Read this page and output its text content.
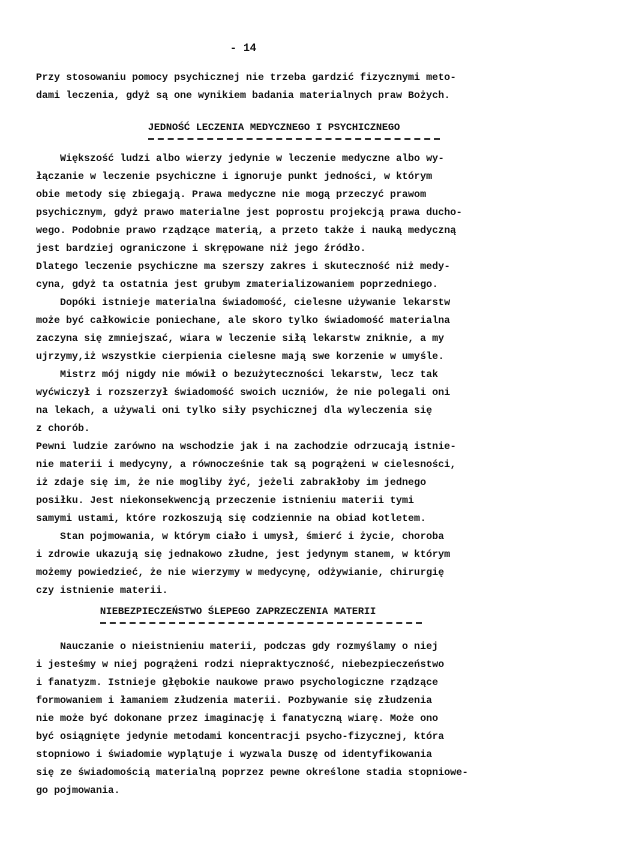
- 14
Przy stosowaniu pomocy psychicznej nie trzeba gardzić fizycznymi meto-
dami leczenia, gdyż są one wynikiem badania materialnych praw Bożych.
JEDNOŚĆ LECZENIA MEDYCZNEGO I PSYCHICZNEGO
Większość ludzi albo wierzy jedynie w leczenie medyczne albo wy-
łączanie w leczenie psychiczne i ignoruje punkt jedności, w którym
obie metody się zbiegają. Prawa medyczne nie mogą przeczyć prawom
psychicznym, gdyż prawo materialne jest poprostu projekcją prawa ducho-
wego. Podobnie prawo rządzące materią, a przeto także i nauką medyczną
jest bardziej ograniczone i skrępowane niż jego źródło.
Dlatego leczenie psychiczne ma szerszy zakres i skuteczność niż medy-
cyna, gdyż ta ostatnia jest grubym zmaterializowaniem poprzedniego.
Dopóki istnieje materialna świadomość, cielesne używanie lekarstw
może być całkowicie poniechane, ale skoro tylko świadomość materialna
zaczyna się zmniejszać, wiara w leczenie siłą lekarstw zniknie, a my
ujrzymy,iż wszystkie cierpienia cielesne mają swe korzenie w umyśle.
Mistrz mój nigdy nie mówił o bezużyteczności lekarstw, lecz tak
wyćwiczył i rozszerzył świadomość swoich uczniów, że nie polegali oni
na lekach, a używali oni tylko siły psychicznej dla wyleczenia się
z chorób.
Pewni ludzie zarówno na wschodzie jak i na zachodzie odrzucają istnie-
nie materii i medycyny, a równocześnie tak są pogrążeni w cielesności,
iż zdaje się im, że nie mogliby żyć, jeżeli zabrakłoby im jednego
posiłku. Jest niekonsekwencją przeczenie istnieniu materii tymi
samymi ustami, które rozkoszują się codziennie na obiad kotletem.
Stan pojmowania, w którym ciało i umysł, śmierć i życie, choroba
i zdrowie ukazują się jednakowo złudne, jest jedynym stanem, w którym
możemy powiedzieć, że nie wierzymy w medycynę, odżywianie, chirurgię
czy istnienie materii.
NIEBEZPIECZEŃSTWO ŚLEPEGO ZAPRZECZENIA MATERII
Nauczanie o nieistnieniu materii, podczas gdy rozmyślamy o niej
i jesteśmy w niej pogrążeni rodzi niepraktyczność, niebezpieczeństwo
i fanatyzm. Istnieje głębokie naukowe prawo psychologiczne rządzące
formowaniem i łamaniem złudzenia materii. Pozbywanie się złudzenia
nie może być dokonane przez imaginację i fanatyczną wiarę. Może ono
być osiągnięte jedynie metodami koncentracji psycho-fizycznej, która
stopniowo i świadomie wyplątuje i wyzwala Duszę od identyfikowania
się ze świadomością materialną poprzez pewne określone stadia stopniowe-
go pojmowania.
